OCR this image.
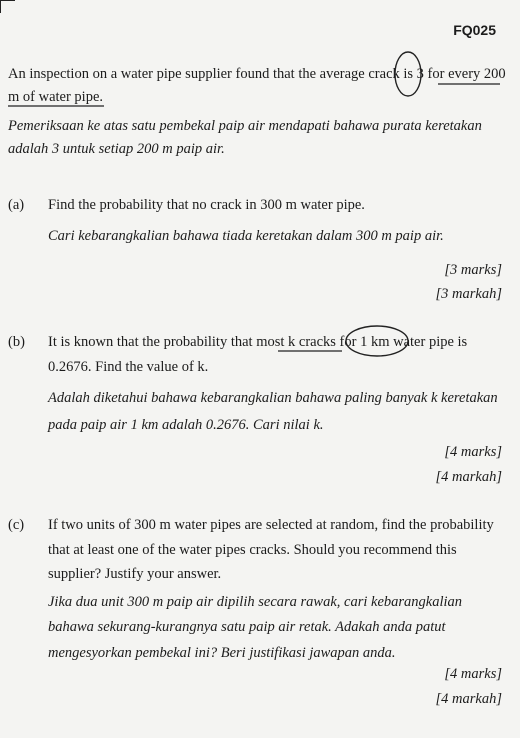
FQ025
An inspection on a water pipe supplier found that the average crack is 3 for every 200
m of water pipe.
Pemeriksaan ke atas satu pembekal paip air mendapati bahawa purata keretakan
adalah 3 untuk setiap 200 m paip air.
(a) Find the probability that no crack in 300 m water pipe.
Cari kebarangkalian bahawa tiada keretakan dalam 300 m paip air.
[3 marks]
[3 markah]
(b) It is known that the probability that most k cracks for 1 km water pipe is
0.2676. Find the value of k.
Adalah diketahui bahawa kebarangkalian bahawa paling banyak k keretakan
pada paip air 1 km adalah 0.2676. Cari nilai k.
[4 marks]
[4 markah]
(c) If two units of 300 m water pipes are selected at random, find the probability
that at least one of the water pipes cracks. Should you recommend this
supplier? Justify your answer.
Jika dua unit 300 m paip air dipilih secara rawak, cari kebarangkalian
bahawa sekurang-kurangnya satu paip air retak. Adakah anda patut
mengesyorkan pembekal ini? Beri justifikasi jawapan anda.
[4 marks]
[4 markah]
